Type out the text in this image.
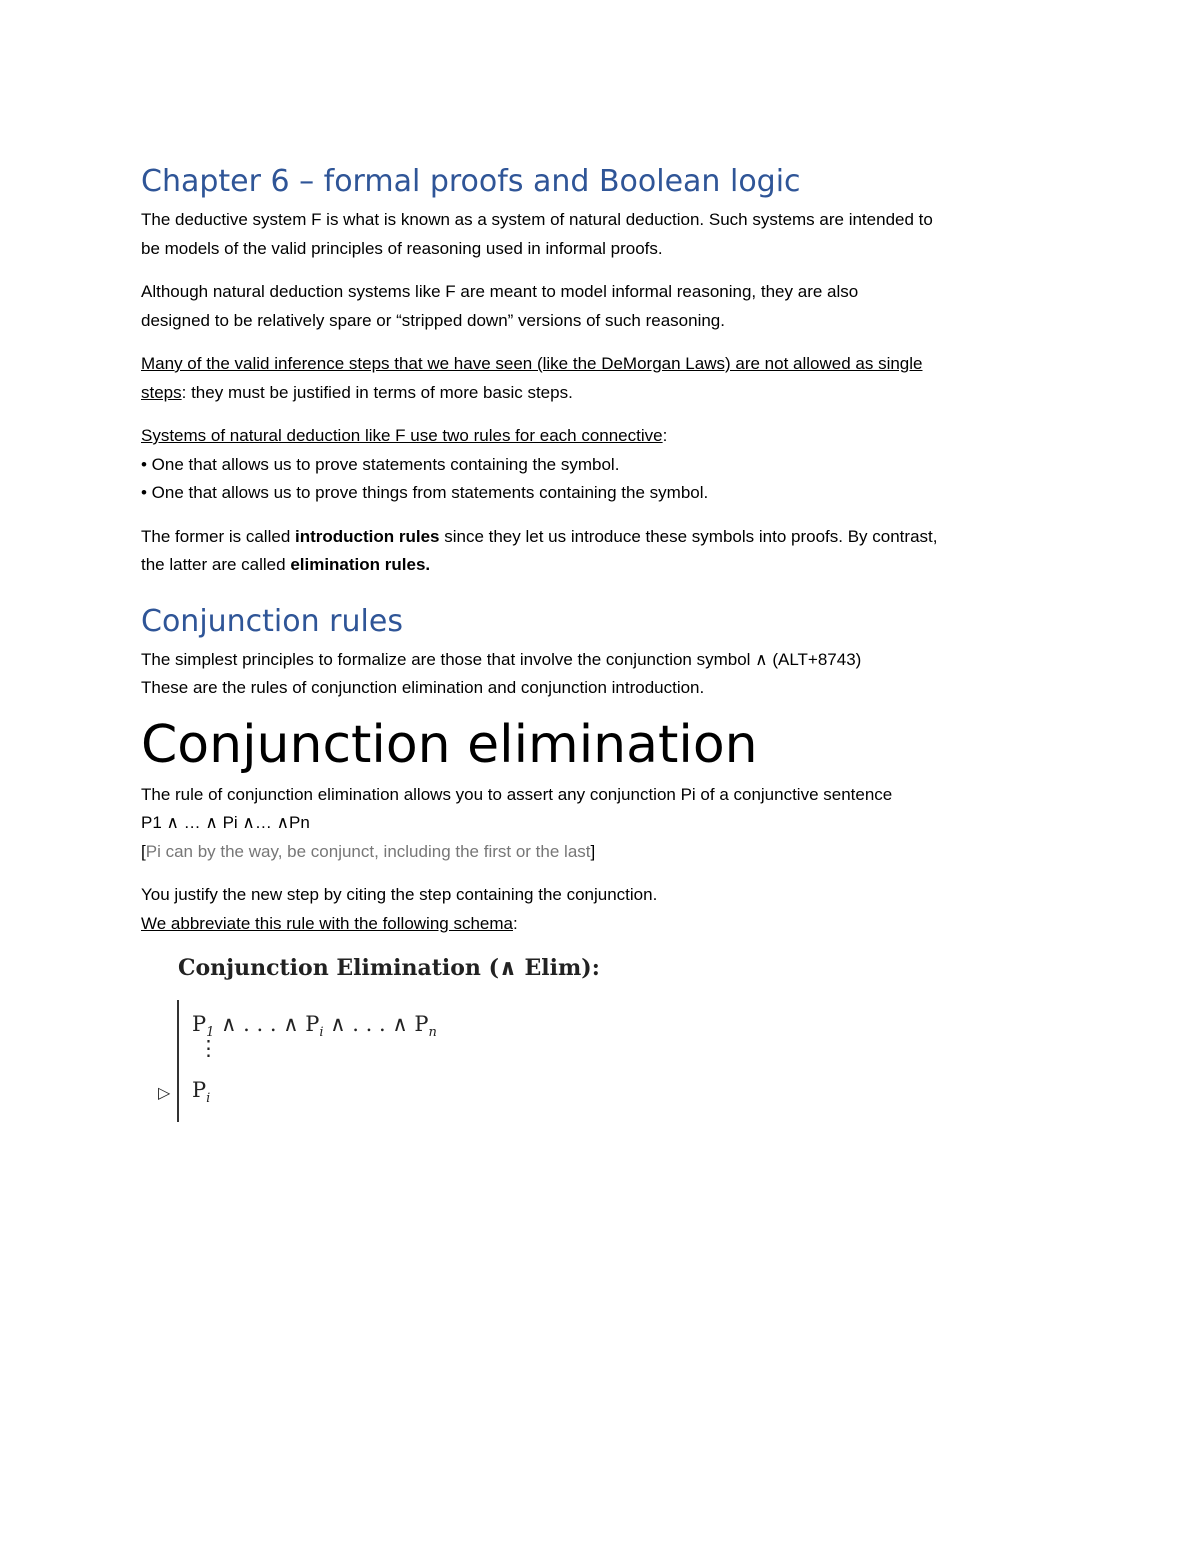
Chapter 6 – formal proofs and Boolean logic

The deductive system F is what is known as a system of natural deduction. Such systems are intended to

be models of the valid principles of reasoning used in informal proofs.

Although natural deduction systems like F are meant to model informal reasoning, they are also

designed to be relatively spare or “stripped down” versions of such reasoning.

Many of the valid inference steps that we have seen (like the DeMorgan Laws) are not allowed as single

steps: they must be justified in terms of more basic steps.

Systems of natural deduction like F use two rules for each connective:

• One that allows us to prove statements containing the symbol.

• One that allows us to prove things from statements containing the symbol.

The former is called introduction rules since they let us introduce these symbols into proofs. By contrast,

the latter are called elimination rules.

Conjunction rules

The simplest principles to formalize are those that involve the conjunction symbol ∧ (ALT+8743)

These are the rules of conjunction elimination and conjunction introduction.

Conjunction elimination

The rule of conjunction elimination allows you to assert any conjunction Pi of a conjunctive sentence

P1 ∧ … ∧ Pi ∧… ∧Pn

[Pi can by the way, be conjunct, including the first or the last]

You justify the new step by citing the step containing the conjunction.

We abbreviate this rule with the following schema:

Conjunction Elimination (∧ Elim):
$P_1$ ∧ . . . ∧ $P_i$ ∧ . . . ∧ $P_n$
⋮
▷ $P_i$
